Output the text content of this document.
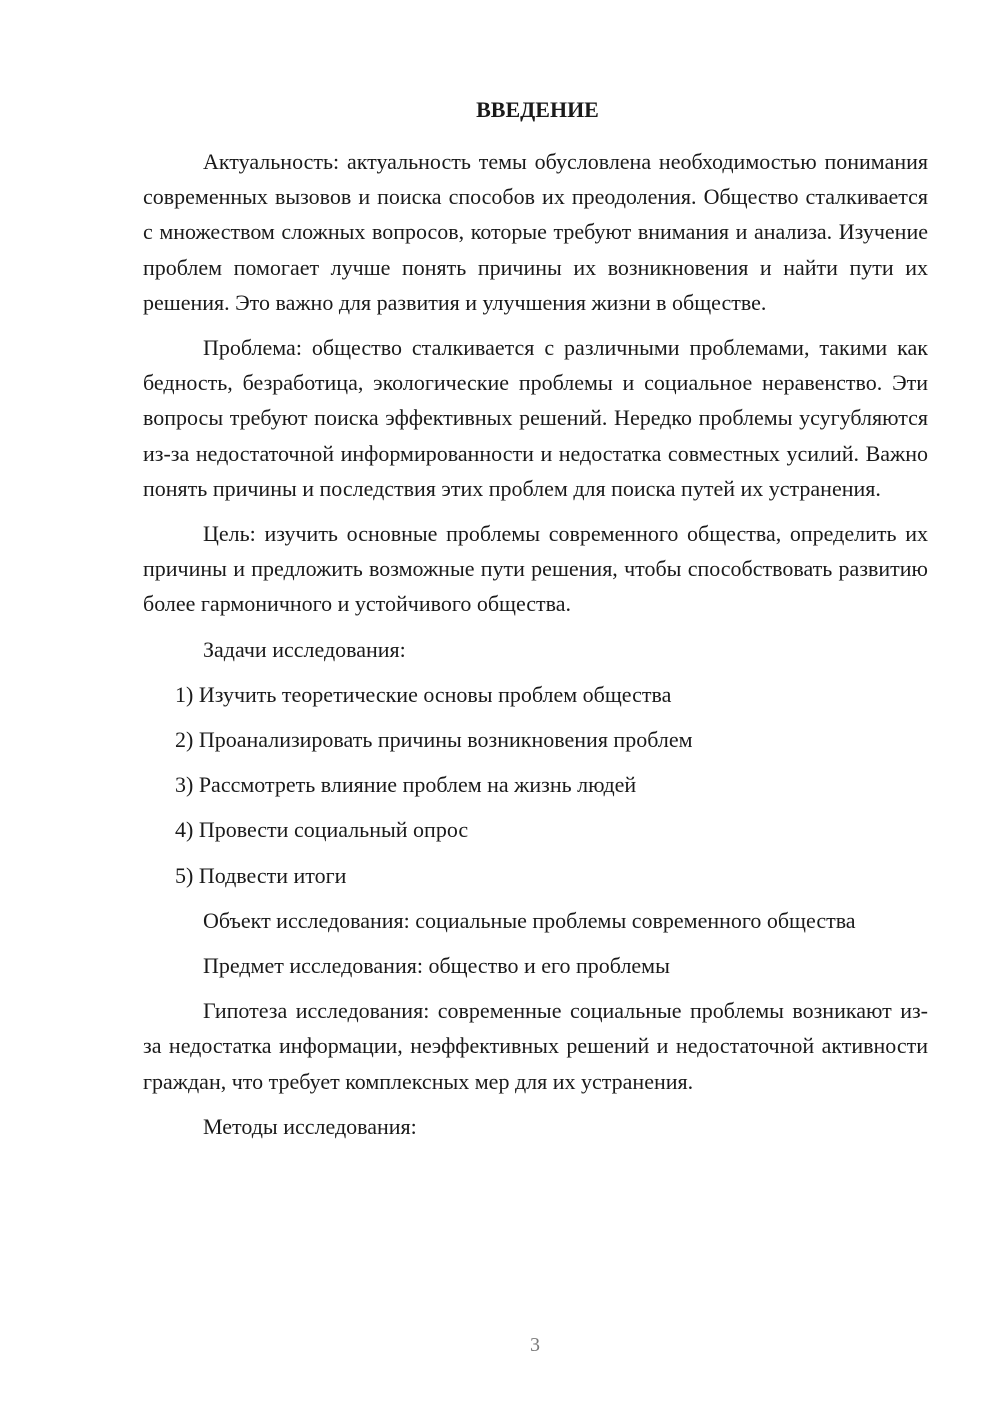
ВВЕДЕНИЕ

Актуальность: актуальность темы обусловлена необходимостью понимания современных вызовов и поиска способов их преодоления. Общество сталкивается с множеством сложных вопросов, которые требуют внимания и анализа. Изучение проблем помогает лучше понять причины их возникновения и найти пути их решения. Это важно для развития и улучшения жизни в обществе.

Проблема: общество сталкивается с различными проблемами, такими как бедность, безработица, экологические проблемы и социальное неравенство. Эти вопросы требуют поиска эффективных решений. Нередко проблемы усугубляются из-за недостаточной информированности и недостатка совместных усилий. Важно понять причины и последствия этих проблем для поиска путей их устранения.

Цель: изучить основные проблемы современного общества, определить их причины и предложить возможные пути решения, чтобы способствовать развитию более гармоничного и устойчивого общества.

Задачи исследования:

1) Изучить теоретические основы проблем общества
2) Проанализировать причины возникновения проблем
3) Рассмотреть влияние проблем на жизнь людей
4) Провести социальный опрос
5) Подвести итоги

Объект исследования: социальные проблемы современного общества

Предмет исследования: общество и его проблемы

Гипотеза исследования: современные социальные проблемы возникают из-за недостатка информации, неэффективных решений и недостаточной активности граждан, что требует комплексных мер для их устранения.

Методы исследования:

3
